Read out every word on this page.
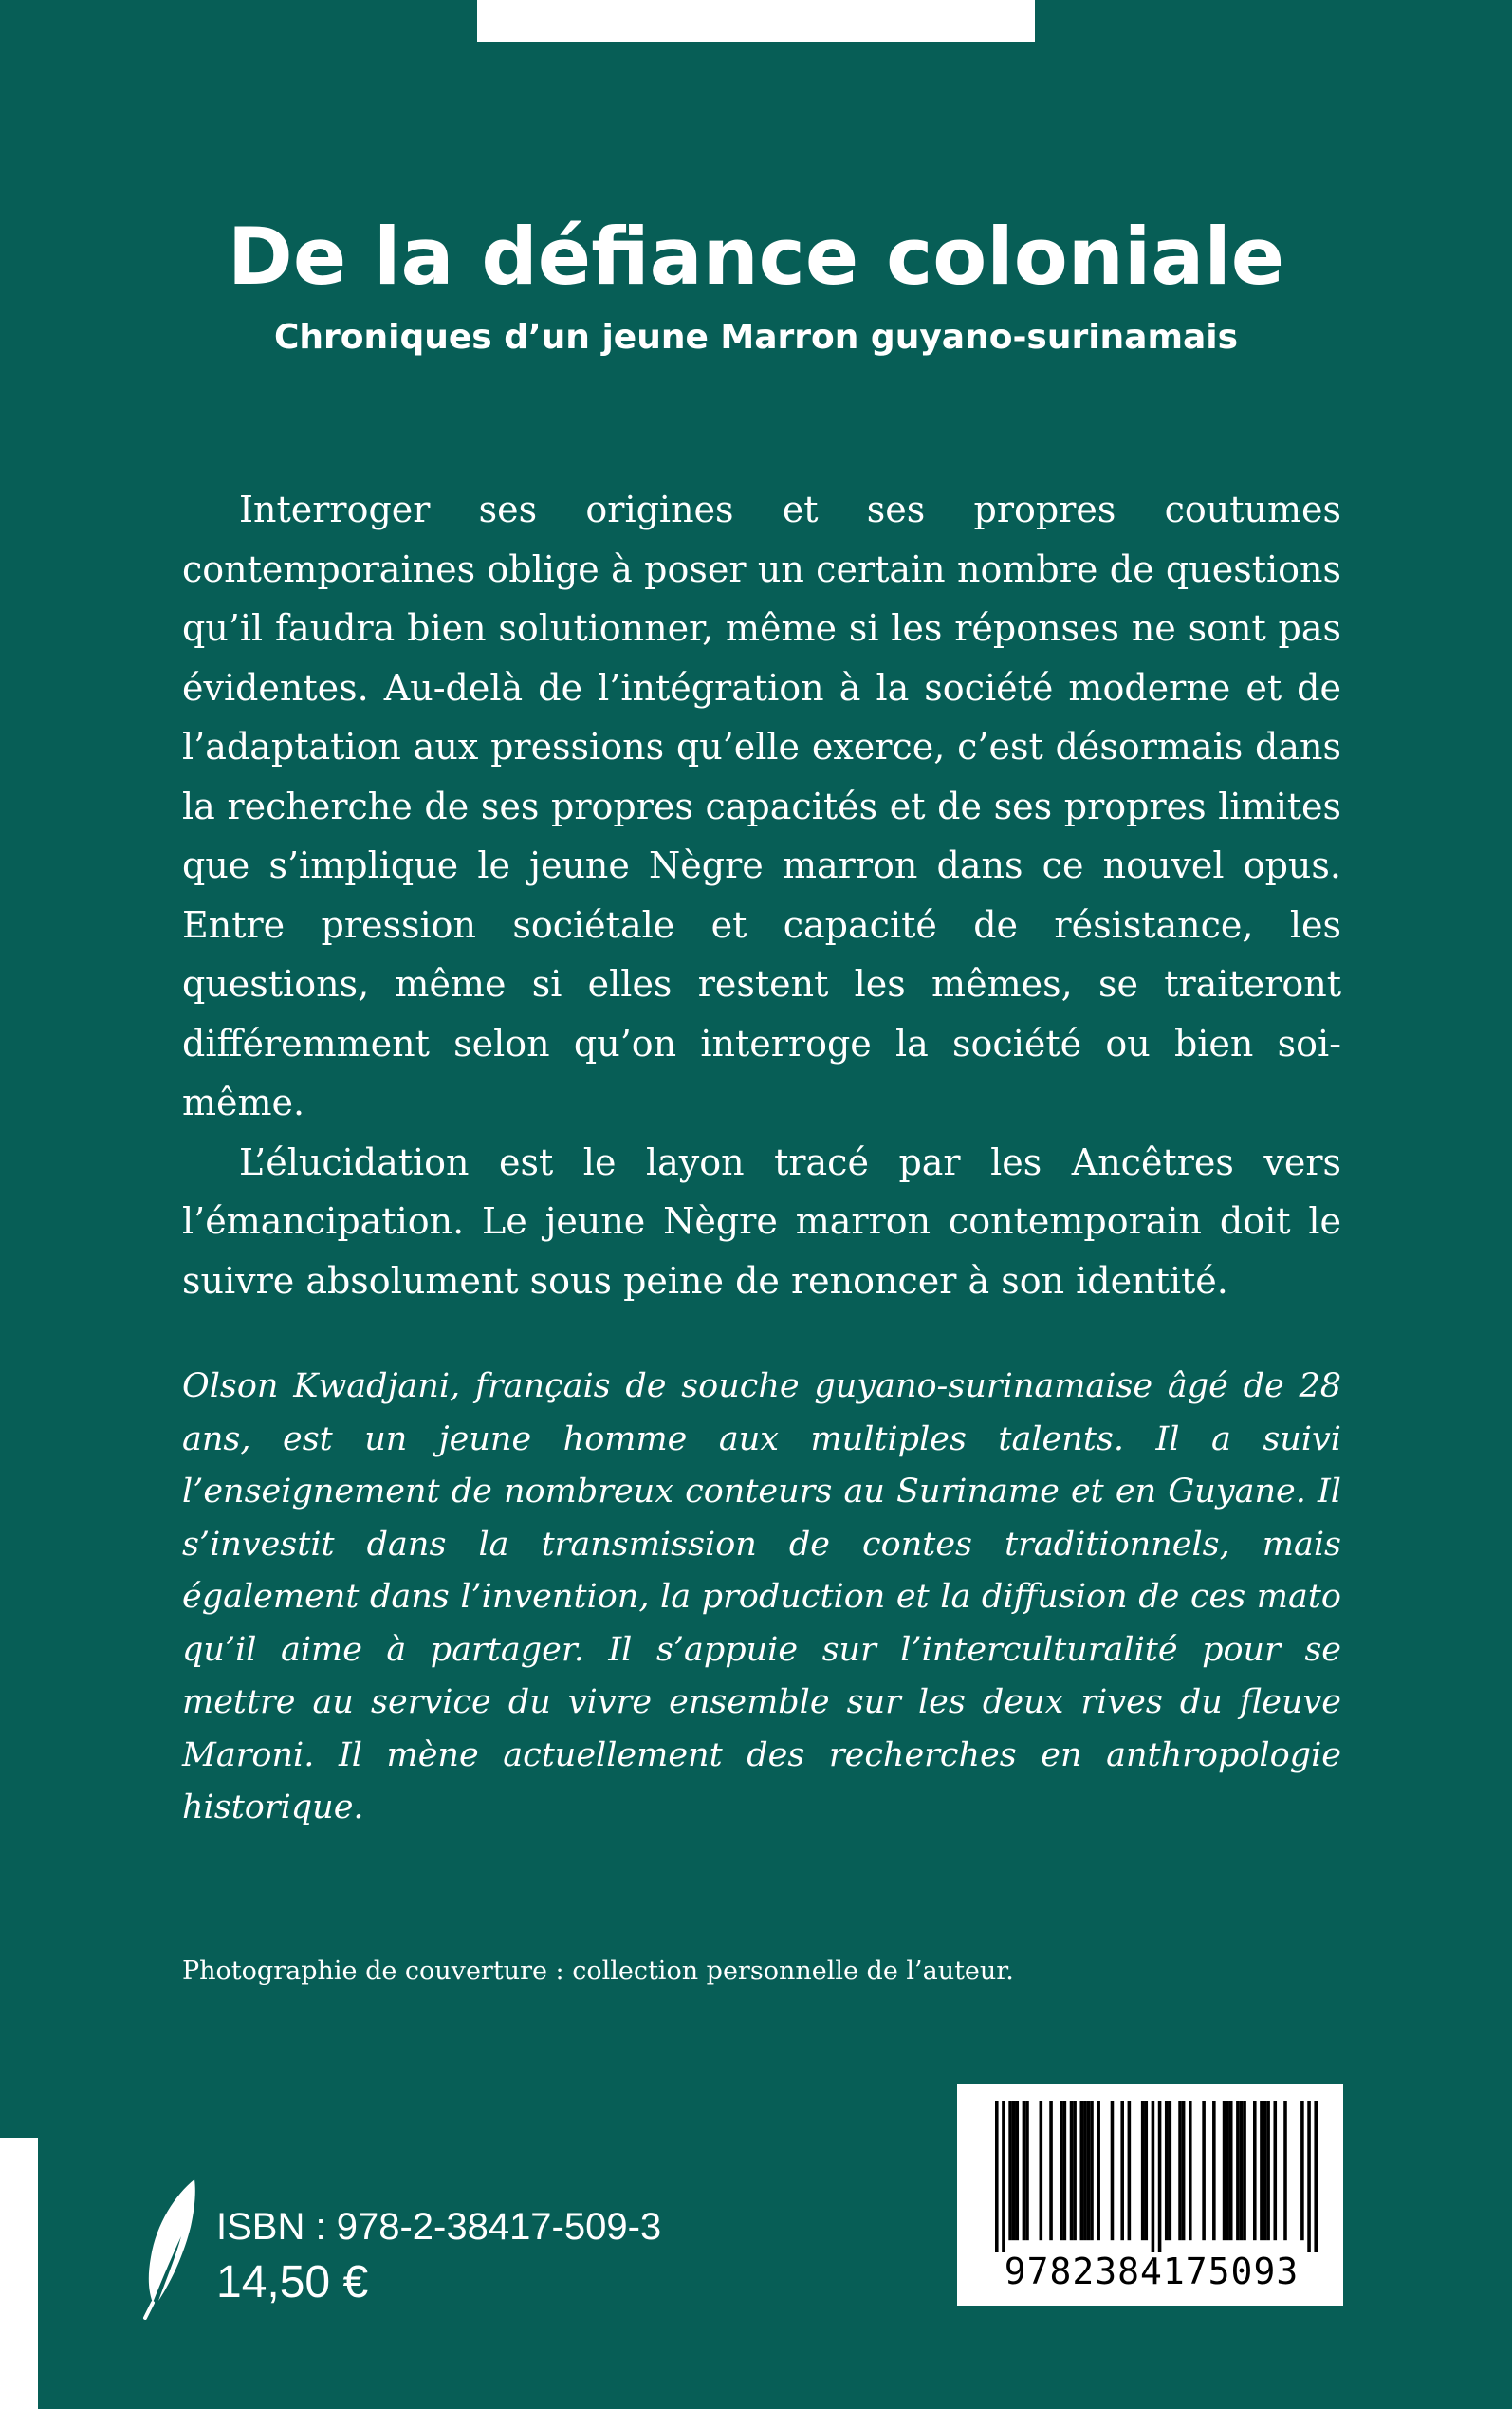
De la défiance coloniale
Chroniques d’un jeune Marron guyano-surinamais

Interroger ses origines et ses propres coutumes contemporaines oblige à poser un certain nombre de questions qu’il faudra bien solutionner, même si les réponses ne sont pas évidentes. Au-delà de l’intégration à la société moderne et de l’adaptation aux pressions qu’elle exerce, c’est désormais dans la recherche de ses propres capacités et de ses propres limites que s’implique le jeune Nègre marron dans ce nouvel opus. Entre pression sociétale et capacité de résistance, les questions, même si elles restent les mêmes, se traiteront différemment selon qu’on interroge la société ou bien soi-même.

L’élucidation est le layon tracé par les Ancêtres vers l’émancipation. Le jeune Nègre marron contemporain doit le suivre absolument sous peine de renoncer à son identité.

Olson Kwadjani, français de souche guyano-surinamaise âgé de 28 ans, est un jeune homme aux multiples talents. Il a suivi l’enseignement de nombreux conteurs au Suriname et en Guyane. Il s’investit dans la transmission de contes traditionnels, mais également dans l’invention, la production et la diffusion de ces mato qu’il aime à partager. Il s’appuie sur l’interculturalité pour se mettre au service du vivre ensemble sur les deux rives du fleuve Maroni. Il mène actuellement des recherches en anthropologie historique.

Photographie de couverture : collection personnelle de l’auteur.

ISBN : 978-2-38417-509-3

14,50 €	9782384175093
